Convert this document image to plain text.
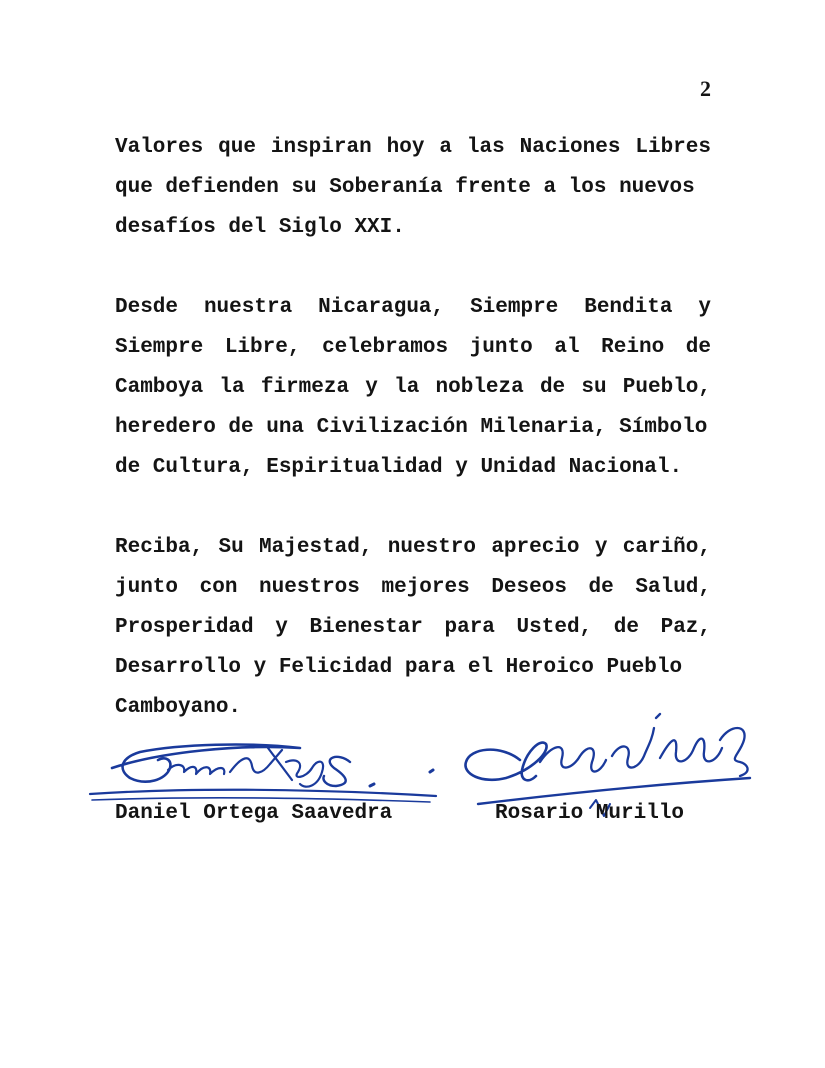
2
Valores que inspiran hoy a las Naciones Libres que defienden su Soberanía frente a los nuevos
desafíos del Siglo XXI.
Desde nuestra Nicaragua, Siempre Bendita y Siempre Libre, celebramos junto al Reino de Camboya la firmeza y la nobleza de su Pueblo, heredero de una Civilización Milenaria, Símbolo
de Cultura, Espiritualidad y Unidad Nacional.
Reciba, Su Majestad, nuestro aprecio y cariño, junto con nuestros mejores Deseos de Salud, Prosperidad y Bienestar para Usted, de Paz, Desarrollo y Felicidad para el Heroico Pueblo
Camboyano.
Daniel Ortega Saavedra	Rosario Murillo
